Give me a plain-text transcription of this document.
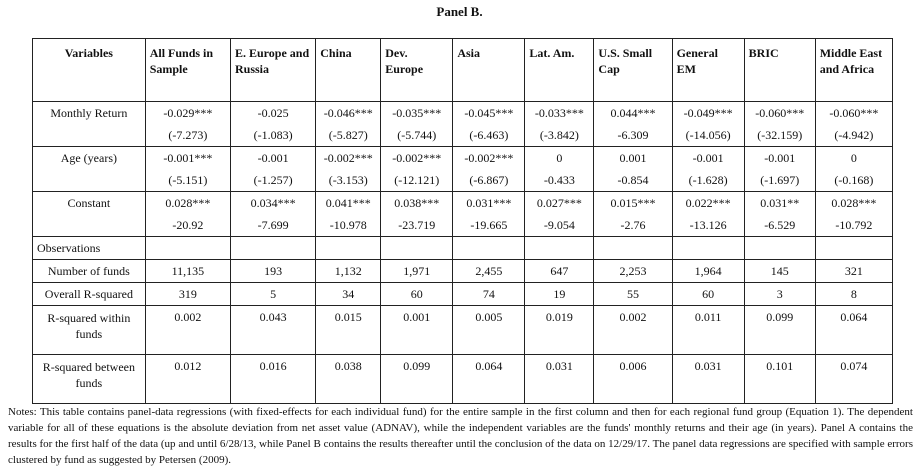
Panel B.
Variables	All Funds in Sample	E. Europe and Russia	China	Dev. Europe	Asia	Lat. Am.	U.S. Small Cap	General EM	BRIC	Middle East and Africa
Monthly Return	-0.029***	-0.025	-0.046***	-0.035***	-0.045***	-0.033***	0.044***	-0.049***	-0.060***	-0.060***
	(-7.273)	(-1.083)	(-5.827)	(-5.744)	(-6.463)	(-3.842)	-6.309	(-14.056)	(-32.159)	(-4.942)
Age (years)	-0.001***	-0.001	-0.002***	-0.002***	-0.002***	0	0.001	-0.001	-0.001	0
	(-5.151)	(-1.257)	(-3.153)	(-12.121)	(-6.867)	-0.433	-0.854	(-1.628)	(-1.697)	(-0.168)
Constant	0.028***	0.034***	0.041***	0.038***	0.031***	0.027***	0.015***	0.022***	0.031**	0.028***
	-20.92	-7.699	-10.978	-23.719	-19.665	-9.054	-2.76	-13.126	-6.529	-10.792
Observations										
Number of funds	11,135	193	1,132	1,971	2,455	647	2,253	1,964	145	321
Overall R-squared	319	5	34	60	74	19	55	60	3	8
R-squared within funds	0.002	0.043	0.015	0.001	0.005	0.019	0.002	0.011	0.099	0.064
R-squared between funds	0.012	0.016	0.038	0.099	0.064	0.031	0.006	0.031	0.101	0.074
Notes: This table contains panel-data regressions (with fixed-effects for each individual fund) for the entire sample in the first column and then for each regional fund group (Equation 1). The dependent variable for all of these equations is the absolute deviation from net asset value (ADNAV), while the independent variables are the funds' monthly returns and their age (in years). Panel A contains the results for the first half of the data (up and until 6/28/13, while Panel B contains the results thereafter until the conclusion of the data on 12/29/17. The panel data regressions are specified with sample errors clustered by fund as suggested by Petersen (2009).
